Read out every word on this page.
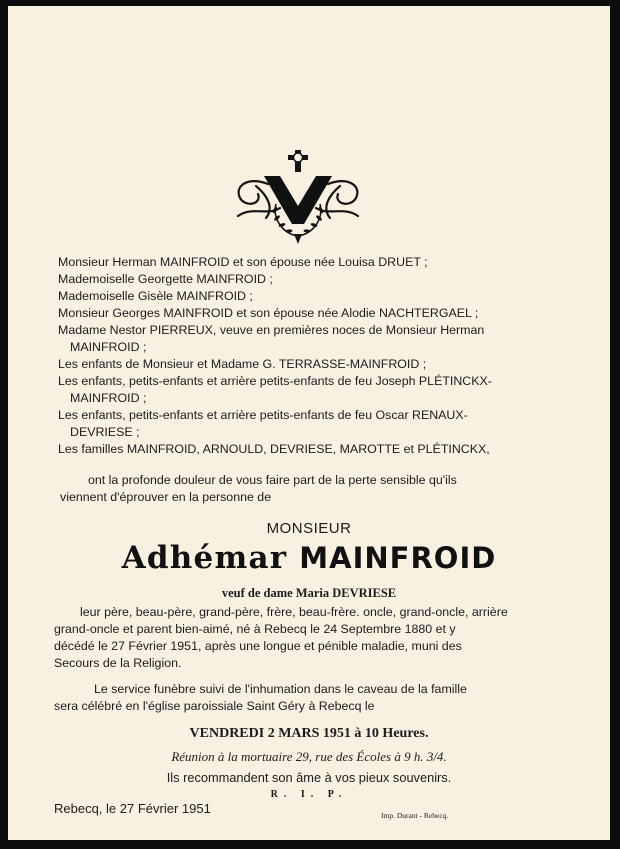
Monsieur Herman MAINFROID et son épouse née Louisa DRUET ;
Mademoiselle Georgette MAINFROID ;
Mademoiselle Gisèle MAINFROID ;
Monsieur Georges MAINFROID et son épouse née Alodie NACHTERGAEL ;
Madame Nestor PIERREUX, veuve en premières noces de Monsieur Herman
MAINFROID ;
Les enfants de Monsieur et Madame G. TERRASSE-MAINFROID ;
Les enfants, petits-enfants et arrière petits-enfants de feu Joseph PLÉTINCKX-
MAINFROID ;
Les enfants, petits-enfants et arrière petits-enfants de feu Oscar RENAUX-
DEVRIESE ;
Les familles MAINFROID, ARNOULD, DEVRIESE, MAROTTE et PLÉTINCKX,
ont la profonde douleur de vous faire part de la perte sensible qu'ils
viennent d'éprouver en la personne de
MONSIEUR
Adhémar MAINFROID
veuf de dame Maria DEVRIESE
leur père, beau-père, grand-père, frère, beau-frère. oncle, grand-oncle, arrière
grand-oncle et parent bien-aimé, né à Rebecq le 24 Septembre 1880 et y
décédé le 27 Février 1951, après une longue et pénible maladie, muni des
Secours de la Religion.
Le service funèbre suivi de l'inhumation dans le caveau de la famille
sera célébré en l'église paroissiale Saint Géry à Rebecq le
VENDREDI 2 MARS 1951 à 10 Heures.
Réunion à la mortuaire 29, rue des Écoles à 9 h. 3/4.
Ils recommandent son âme à vos pieux souvenirs.
R. I. P.
Rebecq, le 27 Février 1951	Imp. Durant - Rebecq.
